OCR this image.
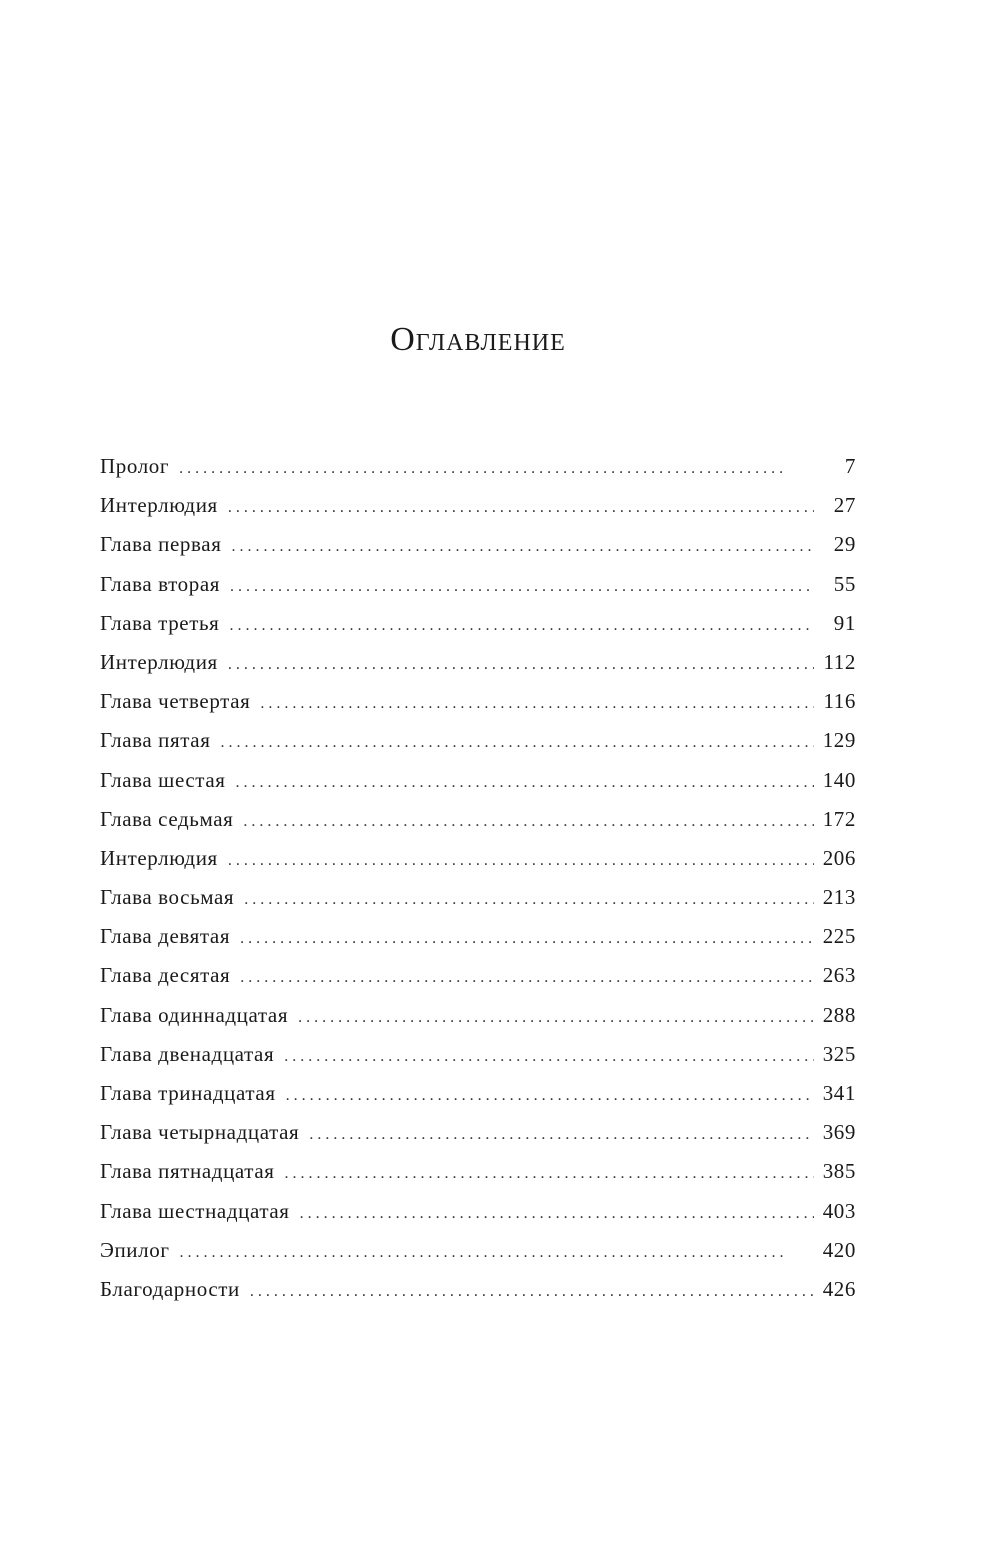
Оглавление
Пролог . . .	7
Интерлюдия . . .	27
Глава первая . . .	29
Глава вторая . . .	55
Глава третья . . .	91
Интерлюдия . . .	112
Глава четвертая . . .	116
Глава пятая . . .	129
Глава шестая . . .	140
Глава седьмая . . .	172
Интерлюдия . . .	206
Глава восьмая . . .	213
Глава девятая . . .	225
Глава десятая . . .	263
Глава одиннадцатая . . .	288
Глава двенадцатая . . .	325
Глава тринадцатая . . .	341
Глава четырнадцатая . . .	369
Глава пятнадцатая . . .	385
Глава шестнадцатая . . .	403
Эпилог . . .	420
Благодарности . . .	426
